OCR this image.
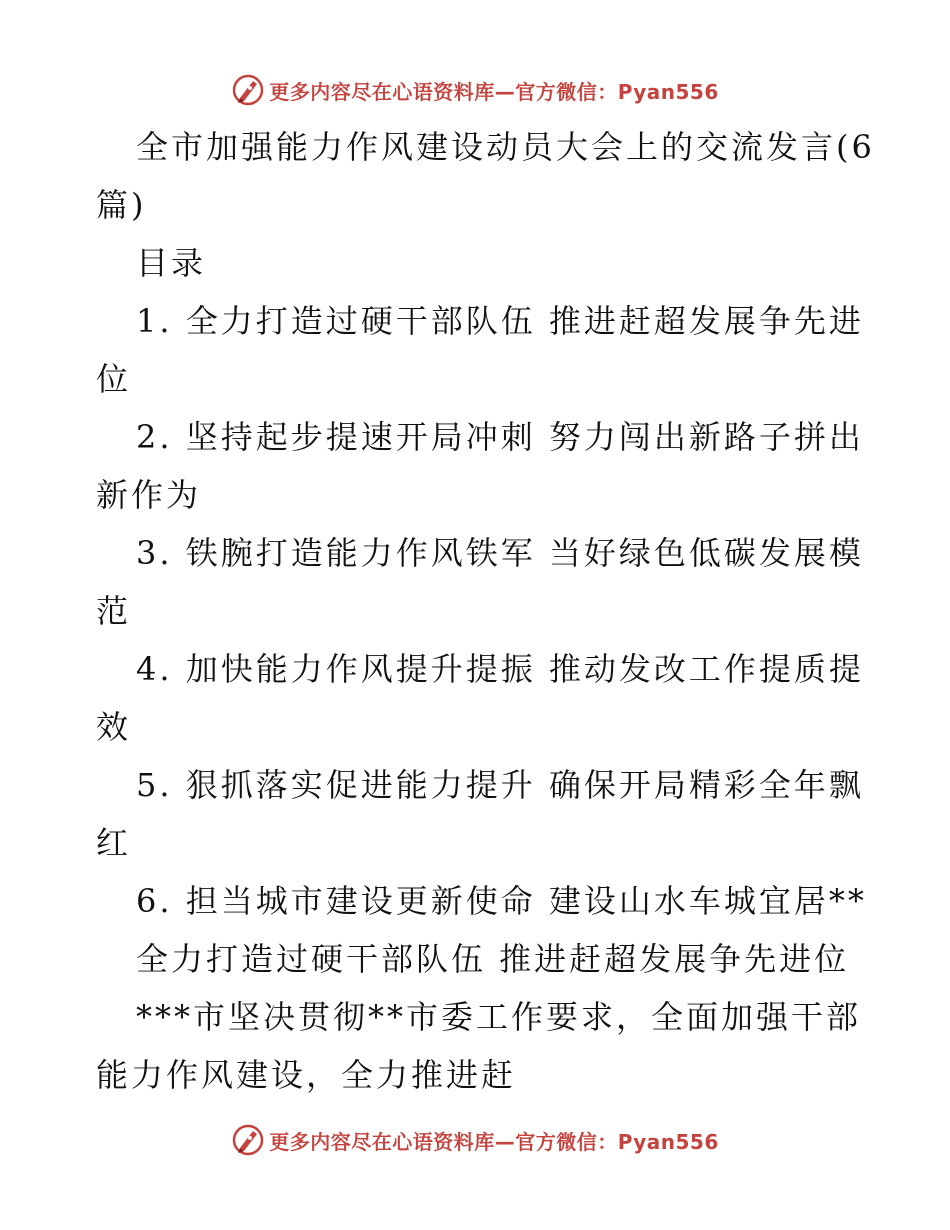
更多内容尽在心语资料库—官方微信：Pyan556
全市加强能力作风建设动员大会上的交流发言(6
篇)
目录
1. 全力打造过硬干部队伍 推进赶超发展争先进
位
2. 坚持起步提速开局冲刺 努力闯出新路子拼出
新作为
3. 铁腕打造能力作风铁军 当好绿色低碳发展模
范
4. 加快能力作风提升提振 推动发改工作提质提
效
5. 狠抓落实促进能力提升 确保开局精彩全年飘
红
6. 担当城市建设更新使命 建设山水车城宜居**
全力打造过硬干部队伍 推进赶超发展争先进位
***市坚决贯彻**市委工作要求，全面加强干部
能力作风建设，全力推进赶
更多内容尽在心语资料库—官方微信：Pyan556
